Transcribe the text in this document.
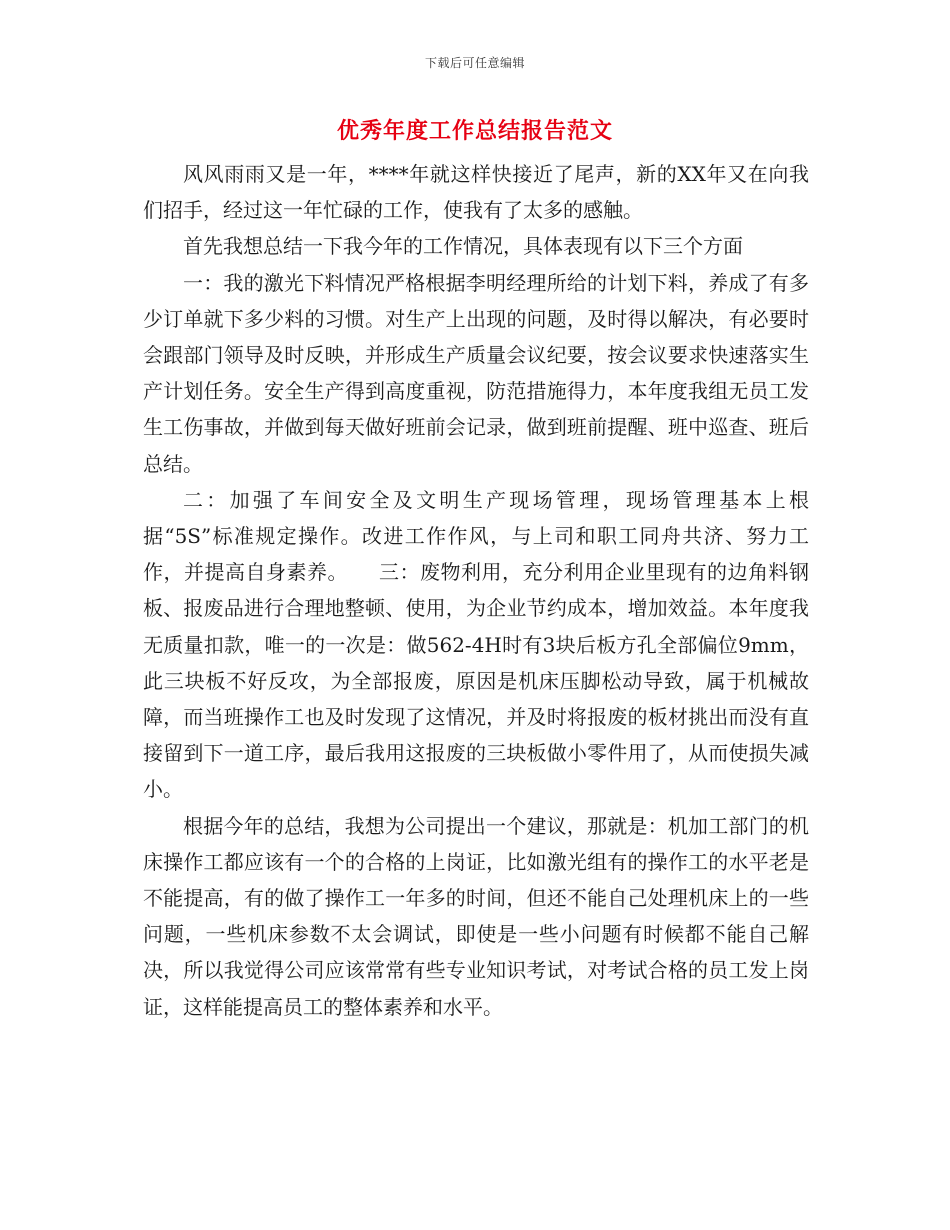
下载后可任意编辑
优秀年度工作总结报告范文

风风雨雨又是一年，****年就这样快接近了尾声，新的XX年又在向我们招手，经过这一年忙碌的工作，使我有了太多的感触。

首先我想总结一下我今年的工作情况，具体表现有以下三个方面

一：我的激光下料情况严格根据李明经理所给的计划下料，养成了有多少订单就下多少料的习惯。对生产上出现的问题，及时得以解决，有必要时会跟部门领导及时反映，并形成生产质量会议纪要，按会议要求快速落实生产计划任务。安全生产得到高度重视，防范措施得力，本年度我组无员工发生工伤事故，并做到每天做好班前会记录，做到班前提醒、班中巡查、班后总结。

二：加强了车间安全及文明生产现场管理，现场管理基本上根据“5S”标准规定操作。改进工作作风，与上司和职工同舟共济、努力工作，并提高自身素养。　　三：废物利用，充分利用企业里现有的边角料钢板、报废品进行合理地整顿、使用，为企业节约成本，增加效益。本年度我无质量扣款，唯一的一次是：做562-4H时有3块后板方孔全部偏位9mm，此三块板不好反攻，为全部报废，原因是机床压脚松动导致，属于机械故障，而当班操作工也及时发现了这情况，并及时将报废的板材挑出而没有直接留到下一道工序，最后我用这报废的三块板做小零件用了，从而使损失减小。

根据今年的总结，我想为公司提出一个建议，那就是：机加工部门的机床操作工都应该有一个的合格的上岗证，比如激光组有的操作工的水平老是不能提高，有的做了操作工一年多的时间，但还不能自己处理机床上的一些问题，一些机床参数不太会调试，即使是一些小问题有时候都不能自己解决，所以我觉得公司应该常常有些专业知识考试，对考试合格的员工发上岗证，这样能提高员工的整体素养和水平。
